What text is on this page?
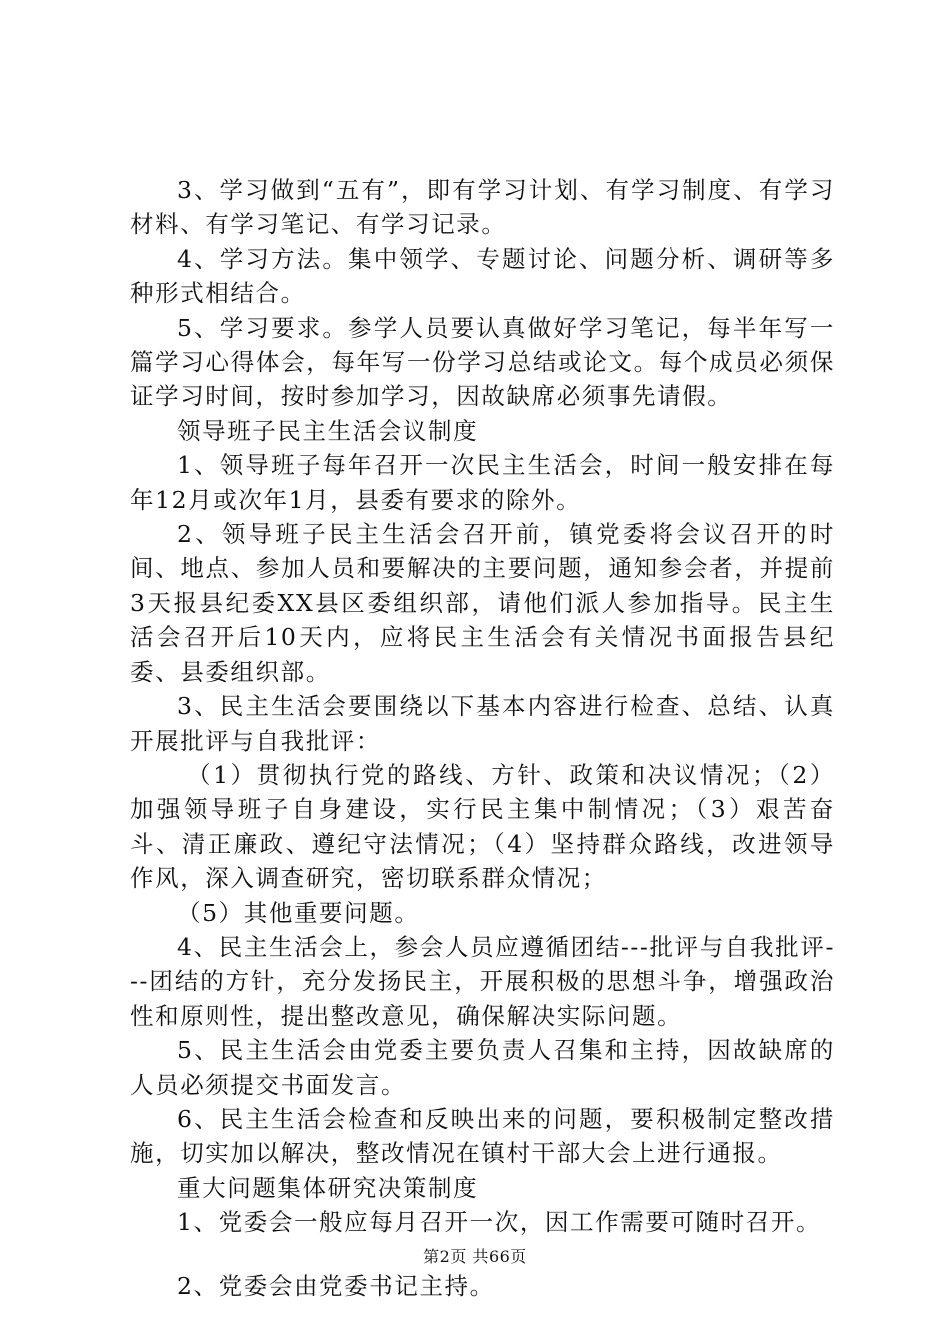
3、学习做到“五有”，即有学习计划、有学习制度、有学习材料、有学习笔记、有学习记录。

4、学习方法。集中领学、专题讨论、问题分析、调研等多种形式相结合。

5、学习要求。参学人员要认真做好学习笔记，每半年写一篇学习心得体会，每年写一份学习总结或论文。每个成员必须保证学习时间，按时参加学习，因故缺席必须事先请假。

领导班子民主生活会议制度

1、领导班子每年召开一次民主生活会，时间一般安排在每年12月或次年1月，县委有要求的除外。

2、领导班子民主生活会召开前，镇党委将会议召开的时间、地点、参加人员和要解决的主要问题，通知参会者，并提前3天报县纪委XX县区委组织部，请他们派人参加指导。民主生活会召开后10天内，应将民主生活会有关情况书面报告县纪委、县委组织部。

3、民主生活会要围绕以下基本内容进行检查、总结、认真开展批评与自我批评：

（1）贯彻执行党的路线、方针、政策和决议情况；（2）加强领导班子自身建设，实行民主集中制情况；（3）艰苦奋斗、清正廉政、遵纪守法情况；（4）坚持群众路线，改进领导作风，深入调查研究，密切联系群众情况；

（5）其他重要问题。

4、民主生活会上，参会人员应遵循团结---批评与自我批评---团结的方针，充分发扬民主，开展积极的思想斗争，增强政治性和原则性，提出整改意见，确保解决实际问题。

5、民主生活会由党委主要负责人召集和主持，因故缺席的人员必须提交书面发言。

6、民主生活会检查和反映出来的问题，要积极制定整改措施，切实加以解决，整改情况在镇村干部大会上进行通报。

重大问题集体研究决策制度

1、党委会一般应每月召开一次，因工作需要可随时召开。

2、党委会由党委书记主持。

第2页 共66页
